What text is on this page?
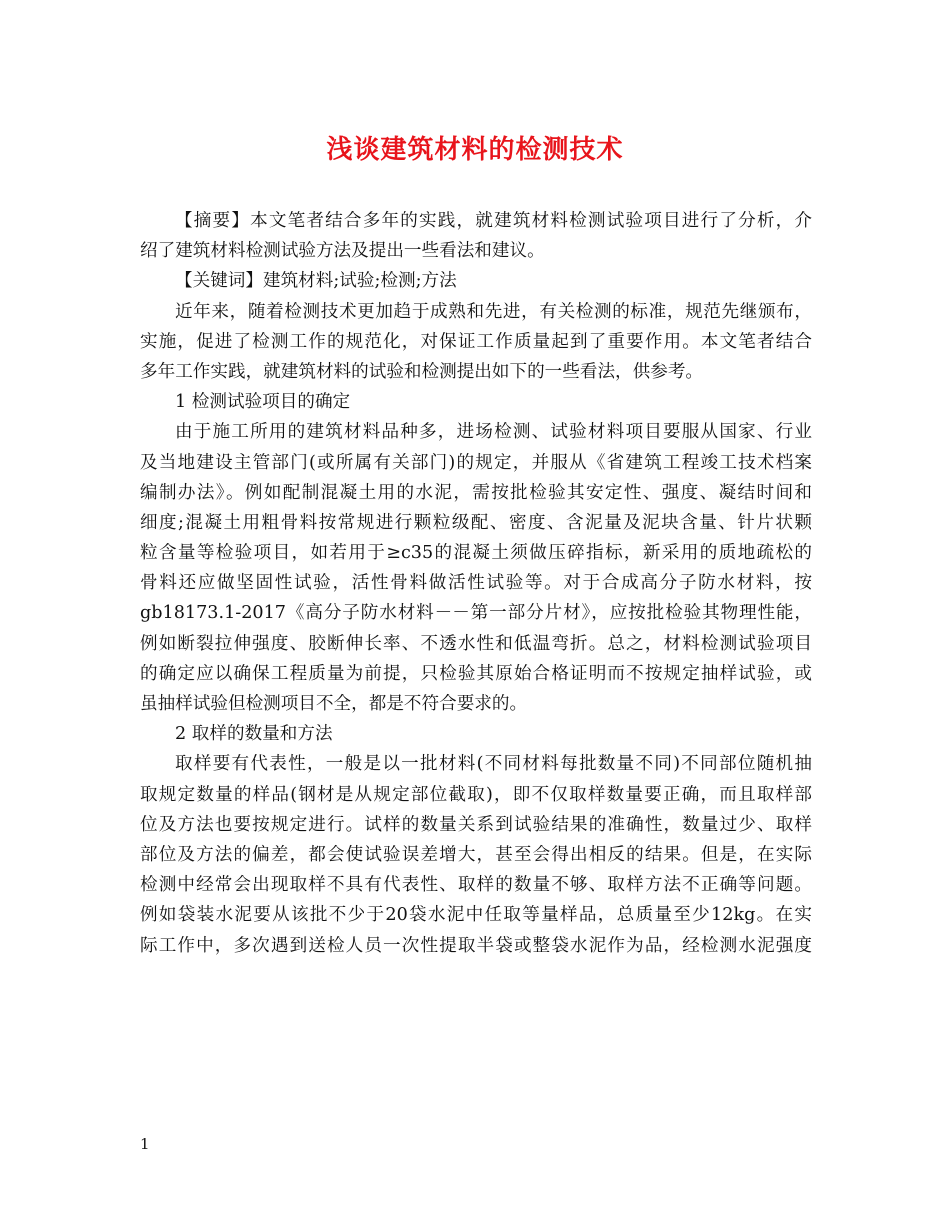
浅谈建筑材料的检测技术
【摘要】本文笔者结合多年的实践，就建筑材料检测试验项目进行了分析，介
绍了建筑材料检测试验方法及提出一些看法和建议。
【关键词】建筑材料;试验;检测;方法
近年来，随着检测技术更加趋于成熟和先进，有关检测的标准，规范先继颁布，
实施，促进了检测工作的规范化，对保证工作质量起到了重要作用。本文笔者结合
多年工作实践，就建筑材料的试验和检测提出如下的一些看法，供参考。
1 检测试验项目的确定
由于施工所用的建筑材料品种多，进场检测、试验材料项目要服从国家、行业
及当地建设主管部门(或所属有关部门)的规定，并服从《省建筑工程竣工技术档案
编制办法》。例如配制混凝土用的水泥，需按批检验其安定性、强度、凝结时间和
细度;混凝土用粗骨料按常规进行颗粒级配、密度、含泥量及泥块含量、针片状颗
粒含量等检验项目，如若用于≥c35的混凝土须做压碎指标，新采用的质地疏松的
骨料还应做坚固性试验，活性骨料做活性试验等。对于合成高分子防水材料，按
gb18173.1-2017《高分子防水材料－－第一部分片材》，应按批检验其物理性能，
例如断裂拉伸强度、胶断伸长率、不透水性和低温弯折。总之，材料检测试验项目
的确定应以确保工程质量为前提，只检验其原始合格证明而不按规定抽样试验，或
虽抽样试验但检测项目不全，都是不符合要求的。
2 取样的数量和方法
取样要有代表性，一般是以一批材料(不同材料每批数量不同)不同部位随机抽
取规定数量的样品(钢材是从规定部位截取)，即不仅取样数量要正确，而且取样部
位及方法也要按规定进行。试样的数量关系到试验结果的准确性，数量过少、取样
部位及方法的偏差，都会使试验误差增大，甚至会得出相反的结果。但是，在实际
检测中经常会出现取样不具有代表性、取样的数量不够、取样方法不正确等问题。
例如袋装水泥要从该批不少于20袋水泥中任取等量样品，总质量至少12kg。在实
际工作中，多次遇到送检人员一次性提取半袋或整袋水泥作为品，经检测水泥强度
1
